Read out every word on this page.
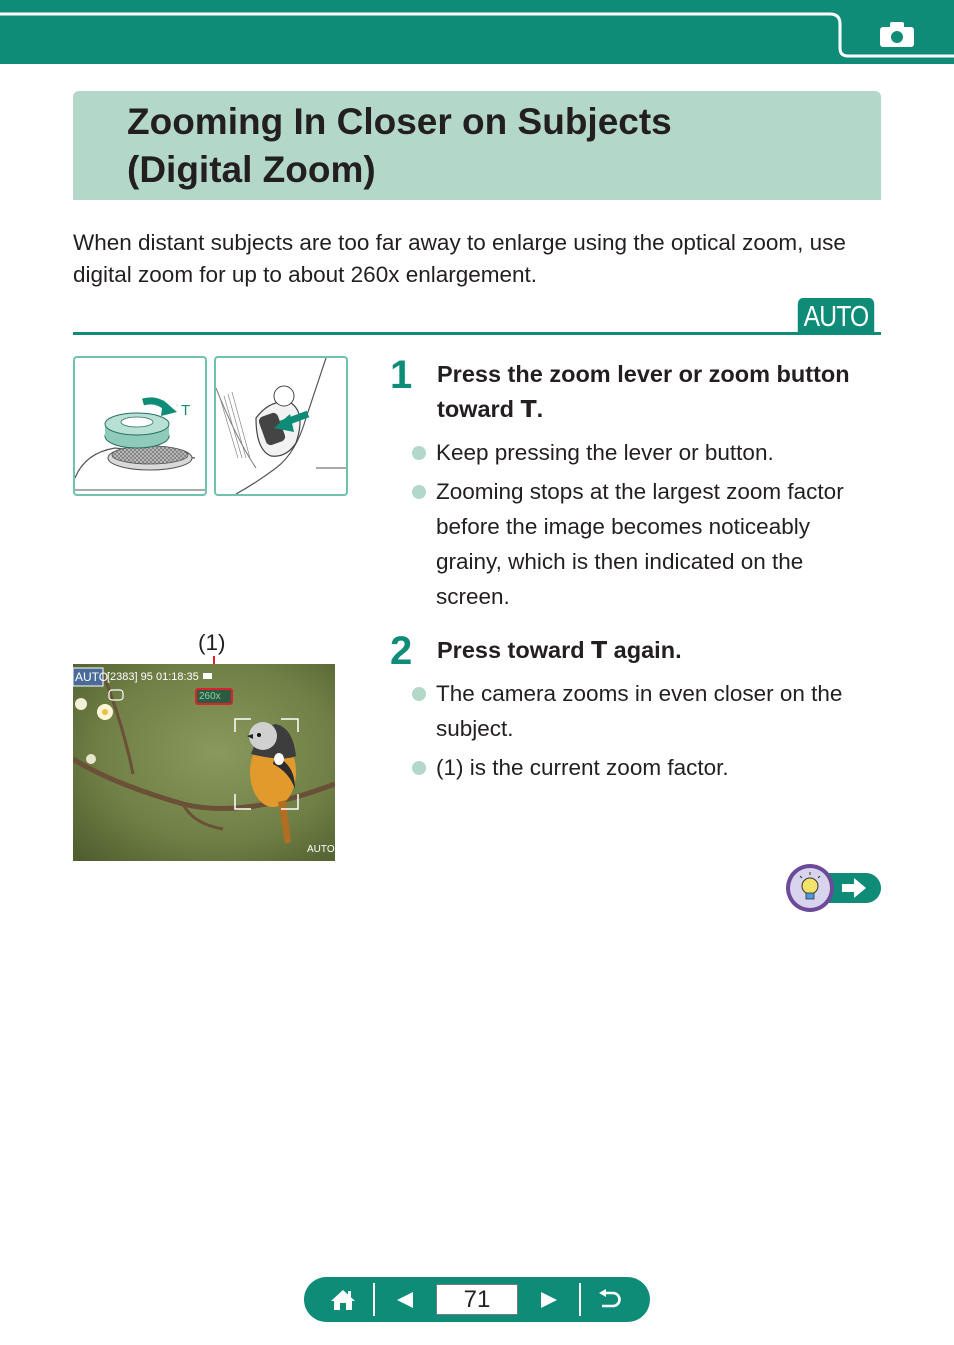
Zooming In Closer on Subjects
(Digital Zoom)
When distant subjects are too far away to enlarge using the optical zoom, use digital zoom for up to about 260x enlargement.
AUTO
T
1 Press the zoom lever or zoom button toward T.
Keep pressing the lever or button.
Zooming stops at the largest zoom factor before the image becomes noticeably grainy, which is then indicated on the screen.
2 Press toward T again.
The camera zooms in even closer on the subject.
(1) is the current zoom factor.
(1)
AUTO
[2383] 95 01:18:35
260x
AUTO
71
